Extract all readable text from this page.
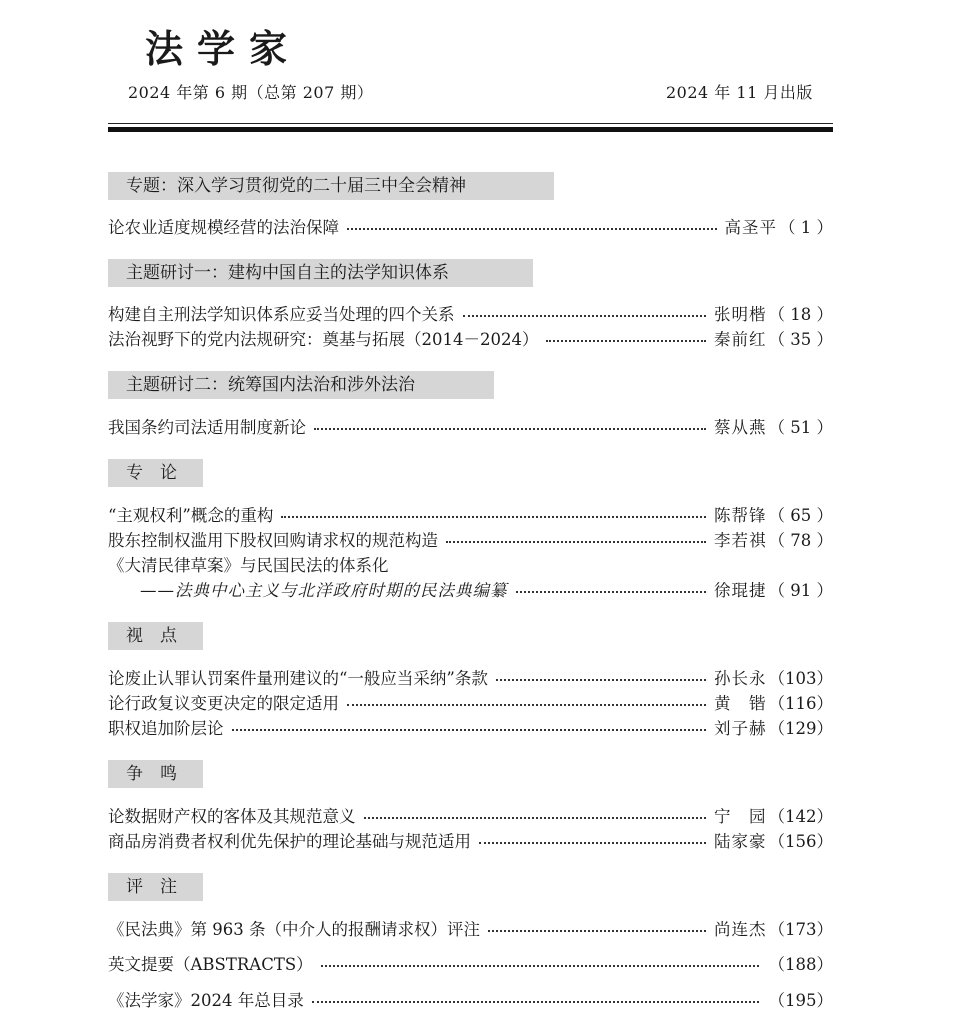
法学家
2024 年第 6 期（总第 207 期）	2024 年 11 月出版
专题：深入学习贯彻党的二十届三中全会精神
论农业适度规模经营的法治保障	高圣平 （ 1 ）
主题研讨一：建构中国自主的法学知识体系
构建自主刑法学知识体系应妥当处理的四个关系	张明楷 （ 18 ）
法治视野下的党内法规研究：奠基与拓展（2014－2024）	秦前红 （ 35 ）
主题研讨二：统筹国内法治和涉外法治
我国条约司法适用制度新论	蔡从燕 （ 51 ）
专　论
“主观权利”概念的重构	陈帮锋 （ 65 ）
股东控制权滥用下股权回购请求权的规范构造	李若祺 （ 78 ）
《大清民律草案》与民国民法的体系化
——法典中心主义与北洋政府时期的民法典编纂	徐琨捷 （ 91 ）
视　点
论废止认罪认罚案件量刑建议的“一般应当采纳”条款	孙长永 （103）
论行政复议变更决定的限定适用	黄　锴 （116）
职权追加阶层论	刘子赫 （129）
争　鸣
论数据财产权的客体及其规范意义	宁　园 （142）
商品房消费者权利优先保护的理论基础与规范适用	陆家豪 （156）
评　注
《民法典》第 963 条（中介人的报酬请求权）评注	尚连杰 （173）
英文提要（ABSTRACTS）	（188）
《法学家》2024 年总目录	（195）
